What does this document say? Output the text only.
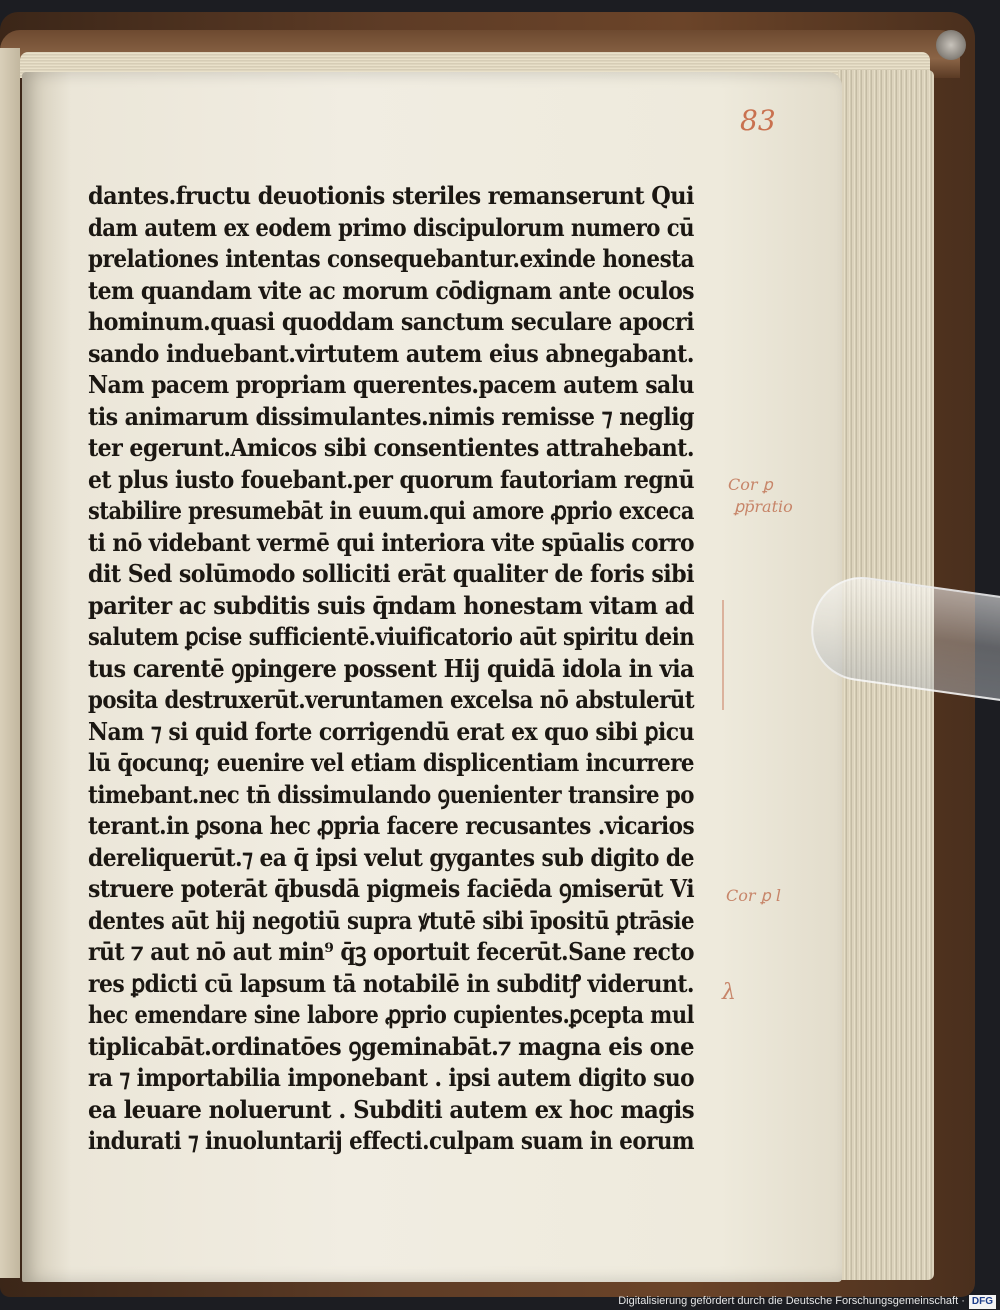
83
dantes.fructu deuotionis steriles remanserunt Qui
dam autem ex eodem primo discipulorum numero cū
prelationes intentas consequebantur.exinde honesta
tem quandam vite ac morum cōdignam ante oculos
hominum.quasi quoddam sanctum seculare apocri
sando induebant.virtutem autem eius abnegabant.
Nam pacem propriam querentes.pacem autem salu
tis animarum dissimulantes.nimis remisse ⁊ neglig
ter egerunt.Amicos sibi consentientes attrahebant.
et plus iusto fouebant.per quorum fautoriam regnū
stabilire presumebāt in euum.qui amore ꝓprio exceca
ti nō videbant vermē qui interiora vite spūalis corro
dit Sed solūmodo solliciti erāt qualiter de foris sibi
pariter ac subditis suis q̄ndam honestam vitam ad
salutem ꝑcise sufficientē.viuificatorio aūt spiritu dein
tus carentē ꝯpingere possent Hij quidā idola in via
posita destruxerūt.veruntamen excelsa nō abstulerūt
Nam ⁊ si quid forte corrigendū erat ex quo sibi ꝑicu
lū q̄ocunq; euenire vel etiam displicentiam incurrere
timebant.nec tn̄ dissimulando ꝯuenienter transire po
terant.in ꝑsona hec ꝓpria facere recusantes .vicarios
dereliquerūt.⁊ ea q̄ ipsi velut gygantes sub digito de
struere poterāt q̄busdā pigmeis faciēda ꝯmiserūt Vi
dentes aūt hij negotiū supra ꝟtutē sibi īpositū ꝑtrāsie
rūt ⁊ aut nō aut min⁹ q̄ꝫ oportuit fecerūt.Sane recto
res ꝑdicti cū lapsum tā notabilē in subditꝭ viderunt.
hec emendare sine labore ꝓprio cupientes.ꝑcepta mul
tiplicabāt.ordinatōes ꝯgeminabāt.⁊ magna eis one
ra ⁊ importabilia imponebant . ipsi autem digito suo
ea leuare noluerunt . Subditi autem ex hoc magis
indurati ⁊ inuoluntarij effecti.culpam suam in eorum
Cor ꝑ
ꝑp̄ratio
Cor ꝑ l
λ
Digitalisierung gefördert durch die Deutsche Forschungsgemeinschaft · DFG
